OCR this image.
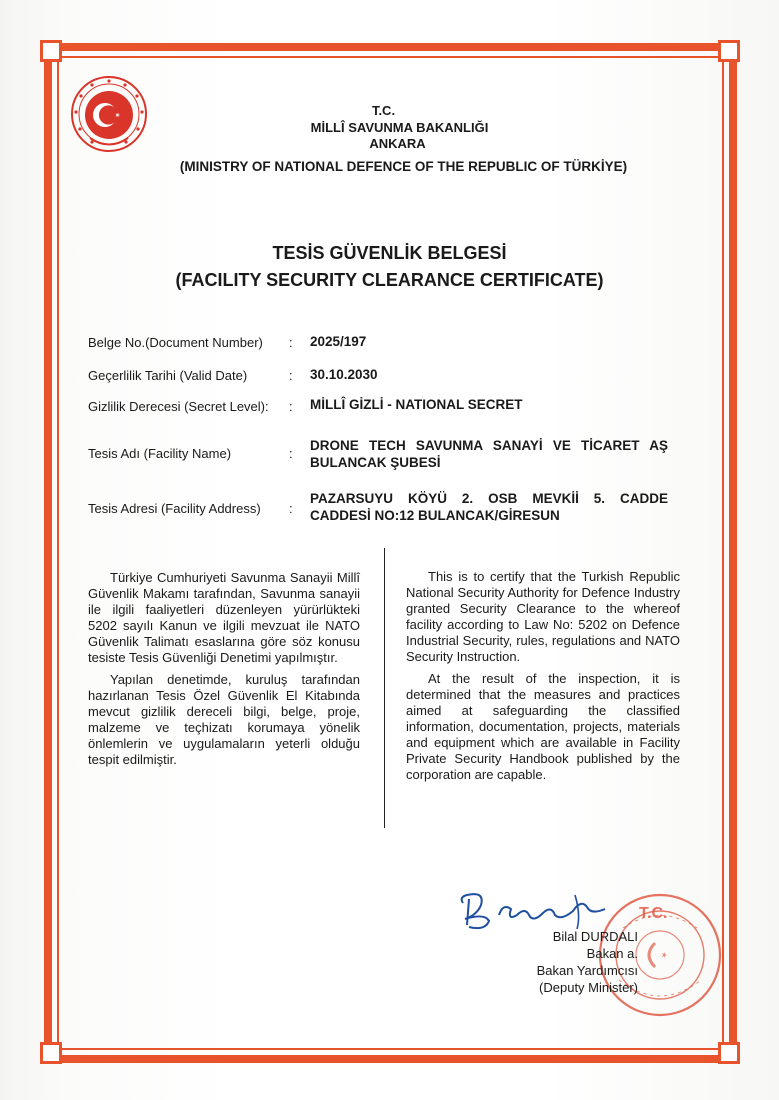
T.C.
MİLLÎ SAVUNMA BAKANLIĞI
ANKARA
(MINISTRY OF NATIONAL DEFENCE OF THE REPUBLIC OF TÜRKİYE)
TESİS GÜVENLİK BELGESİ
(FACILITY SECURITY CLEARANCE CERTIFICATE)
Belge No.(Document Number) : 2025/197
Geçerlilik Tarihi (Valid Date)	: 30.10.2030
Gizlilik Derecesi (Secret Level): : MİLLÎ GİZLİ - NATIONAL SECRET
Tesis Adı (Facility Name)	:
DRONE TECH SAVUNMA SANAYİ VE TİCARET AŞ
BULANCAK ŞUBESİ
Tesis Adresi (Facility Address) :
PAZARSUYU KÖYÜ 2. OSB MEVKİİ 5. CADDE
CADDESİ NO:12 BULANCAK/GİRESUN

Türkiye Cumhuriyeti Savunma Sanayii Millî Güvenlik Makamı tarafından, Savunma sanayii ile ilgili faaliyetleri düzenleyen yürürlükteki 5202 sayılı Kanun ve ilgili mevzuat ile NATO Güvenlik Talimatı esaslarına göre söz konusu tesiste Tesis Güvenliği Denetimi yapılmıştır.

Yapılan denetimde, kuruluş tarafından hazırlanan Tesis Özel Güvenlik El Kitabında mevcut gizlilik dereceli bilgi, belge, proje, malzeme ve teçhizatı korumaya yönelik önlemlerin ve uygulamaların yeterli olduğu tespit edilmiştir.

This is to certify that the Turkish Republic National Security Authority for Defence Industry granted Security Clearance to the whereof facility according to Law No: 5202 on Defence Industrial Security, rules, regulations and NATO Security Instruction.

At the result of the inspection, it is determined that the measures and practices aimed at safeguarding the classified information, documentation, projects, materials and equipment which are available in Facility Private Security Handbook published by the corporation are capable.

T.C.
Bilal DURDALI
Bakan a.
Bakan Yardımcısı
(Deputy Minister)
